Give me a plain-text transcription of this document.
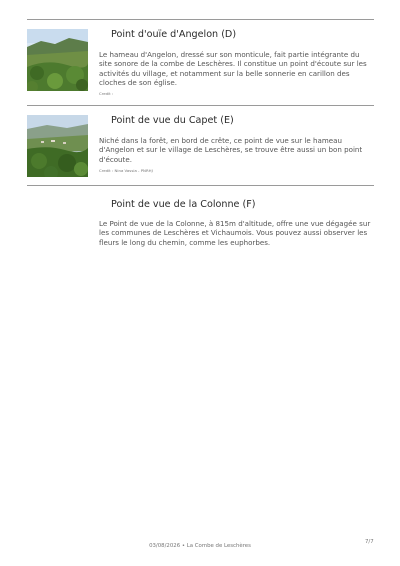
Point d'ouïe d'Angelon (D)
Le hameau d'Angelon, dressé sur son monticule, fait partie intégrante du site sonore de la combe de Leschères. Il constitue un point d'écoute sur les activités du village, et notamment sur la belle sonnerie en carillon des cloches de son église.
Credit :
Point de vue du Capet (E)
Niché dans la forêt, en bord de crête, ce point de vue sur le hameau d'Angelon et sur le village de Leschères, se trouve être aussi un bon point d'écoute.
Credit : Nina Vassia - PNRHJ
Point de vue de la Colonne (F)
Le Point de vue de la Colonne, à 815m d'altitude, offre une vue dégagée sur les communes de Leschères et Vichaumois. Vous pouvez aussi observer les fleurs le long du chemin, comme les euphorbes.
7/7
03/08/2026 • La Combe de Leschères
